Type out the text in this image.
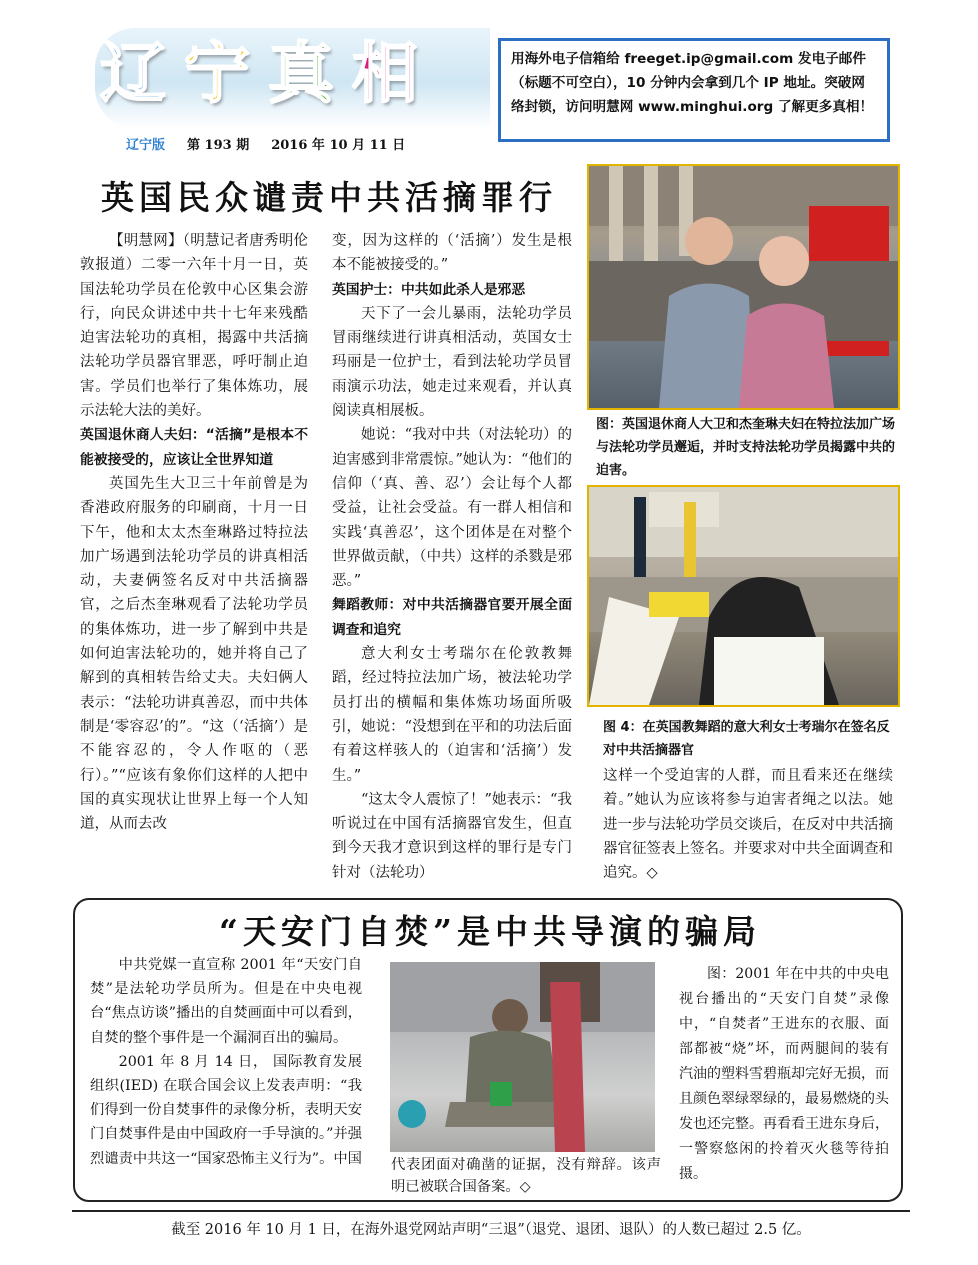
辽 宁 真 相
辽宁版 第 193 期 2016 年 10 月 11 日
用海外电子信箱给 freeget.ip@gmail.com 发电子邮件（标题不可空白），10 分钟内会拿到几个 IP 地址。突破网络封锁，访问明慧网 www.minghui.org 了解更多真相！
英国民众谴责中共活摘罪行

【明慧网】（明慧记者唐秀明伦敦报道）二零一六年十月一日，英国法轮功学员在伦敦中心区集会游行，向民众讲述中共十七年来残酷迫害法轮功的真相，揭露中共活摘法轮功学员器官罪恶，呼吁制止迫害。学员们也举行了集体炼功，展示法轮大法的美好。

英国退休商人夫妇：“活摘”是根本不能被接受的，应该让全世界知道

英国先生大卫三十年前曾是为香港政府服务的印刷商，十月一日下午，他和太太杰奎琳路过特拉法加广场遇到法轮功学员的讲真相活动，夫妻俩签名反对中共活摘器官，之后杰奎琳观看了法轮功学员的集体炼功，进一步了解到中共是如何迫害法轮功的，她并将自己了解到的真相转告给丈夫。夫妇俩人表示：“法轮功讲真善忍，而中共体制是‘零容忍’的”。“这（‘活摘’）是不能容忍的，令人作呕的（恶行）。”“应该有象你们这样的人把中国的真实现状让世界上每一个人知道，从而去改

变，因为这样的（‘活摘’）发生是根本不能被接受的。”

英国护士：中共如此杀人是邪恶

天下了一会儿暴雨，法轮功学员冒雨继续进行讲真相活动，英国女士玛丽是一位护士，看到法轮功学员冒雨演示功法，她走过来观看，并认真阅读真相展板。

她说：“我对中共（对法轮功）的迫害感到非常震惊。”她认为：“他们的信仰（‘真、善、忍’）会让每个人都受益，让社会受益。有一群人相信和实践‘真善忍’，这个团体是在对整个世界做贡献，（中共）这样的杀戮是邪恶。”

舞蹈教师：对中共活摘器官要开展全面调查和追究

意大利女士考瑞尔在伦敦教舞蹈，经过特拉法加广场，被法轮功学员打出的横幅和集体炼功场面所吸引，她说：“没想到在平和的功法后面有着这样骇人的（迫害和‘活摘’）发生。”

“这太令人震惊了！”她表示：“我听说过在中国有活摘器官发生，但直到今天我才意识到这样的罪行是专门针对（法轮功）

图：英国退休商人大卫和杰奎琳夫妇在特拉法加广场与法轮功学员邂逅，并时支持法轮功学员揭露中共的迫害。
图 4：在英国教舞蹈的意大利女士考瑞尔在签名反对中共活摘器官

这样一个受迫害的人群，而且看来还在继续着。”她认为应该将参与迫害者绳之以法。她进一步与法轮功学员交谈后，在反对中共活摘器官征签表上签名。并要求对中共全面调查和追究。◇

“天安门自焚”是中共导演的骗局

中共党媒一直宣称 2001 年“天安门自焚”是法轮功学员所为。但是在中央电视台“焦点访谈”播出的自焚画面中可以看到，自焚的整个事件是一个漏洞百出的骗局。

2001 年 8 月 14 日， 国际教育发展组织(IED) 在联合国会议上发表声明：“我们得到一份自焚事件的录像分析，表明天安门自焚事件是由中国政府一手导演的。”并强烈谴责中共这一“国家恐怖主义行为”。中国 代表团面对确凿的证据，没有辩辞。该声明已被联合国备案。◇

图：2001 年在中共的中央电视台播出的“天安门自焚”录像中，“自焚者”王进东的衣服、面部都被“烧”坏，而两腿间的装有汽油的塑料雪碧瓶却完好无损，而且颜色翠绿翠绿的，最易燃烧的头发也还完整。再看看王进东身后，一警察悠闲的拎着灭火毯等待拍摄。

截至 2016 年 10 月 1 日，在海外退党网站声明“三退”（退党、退团、退队）的人数已超过 2.5 亿。
